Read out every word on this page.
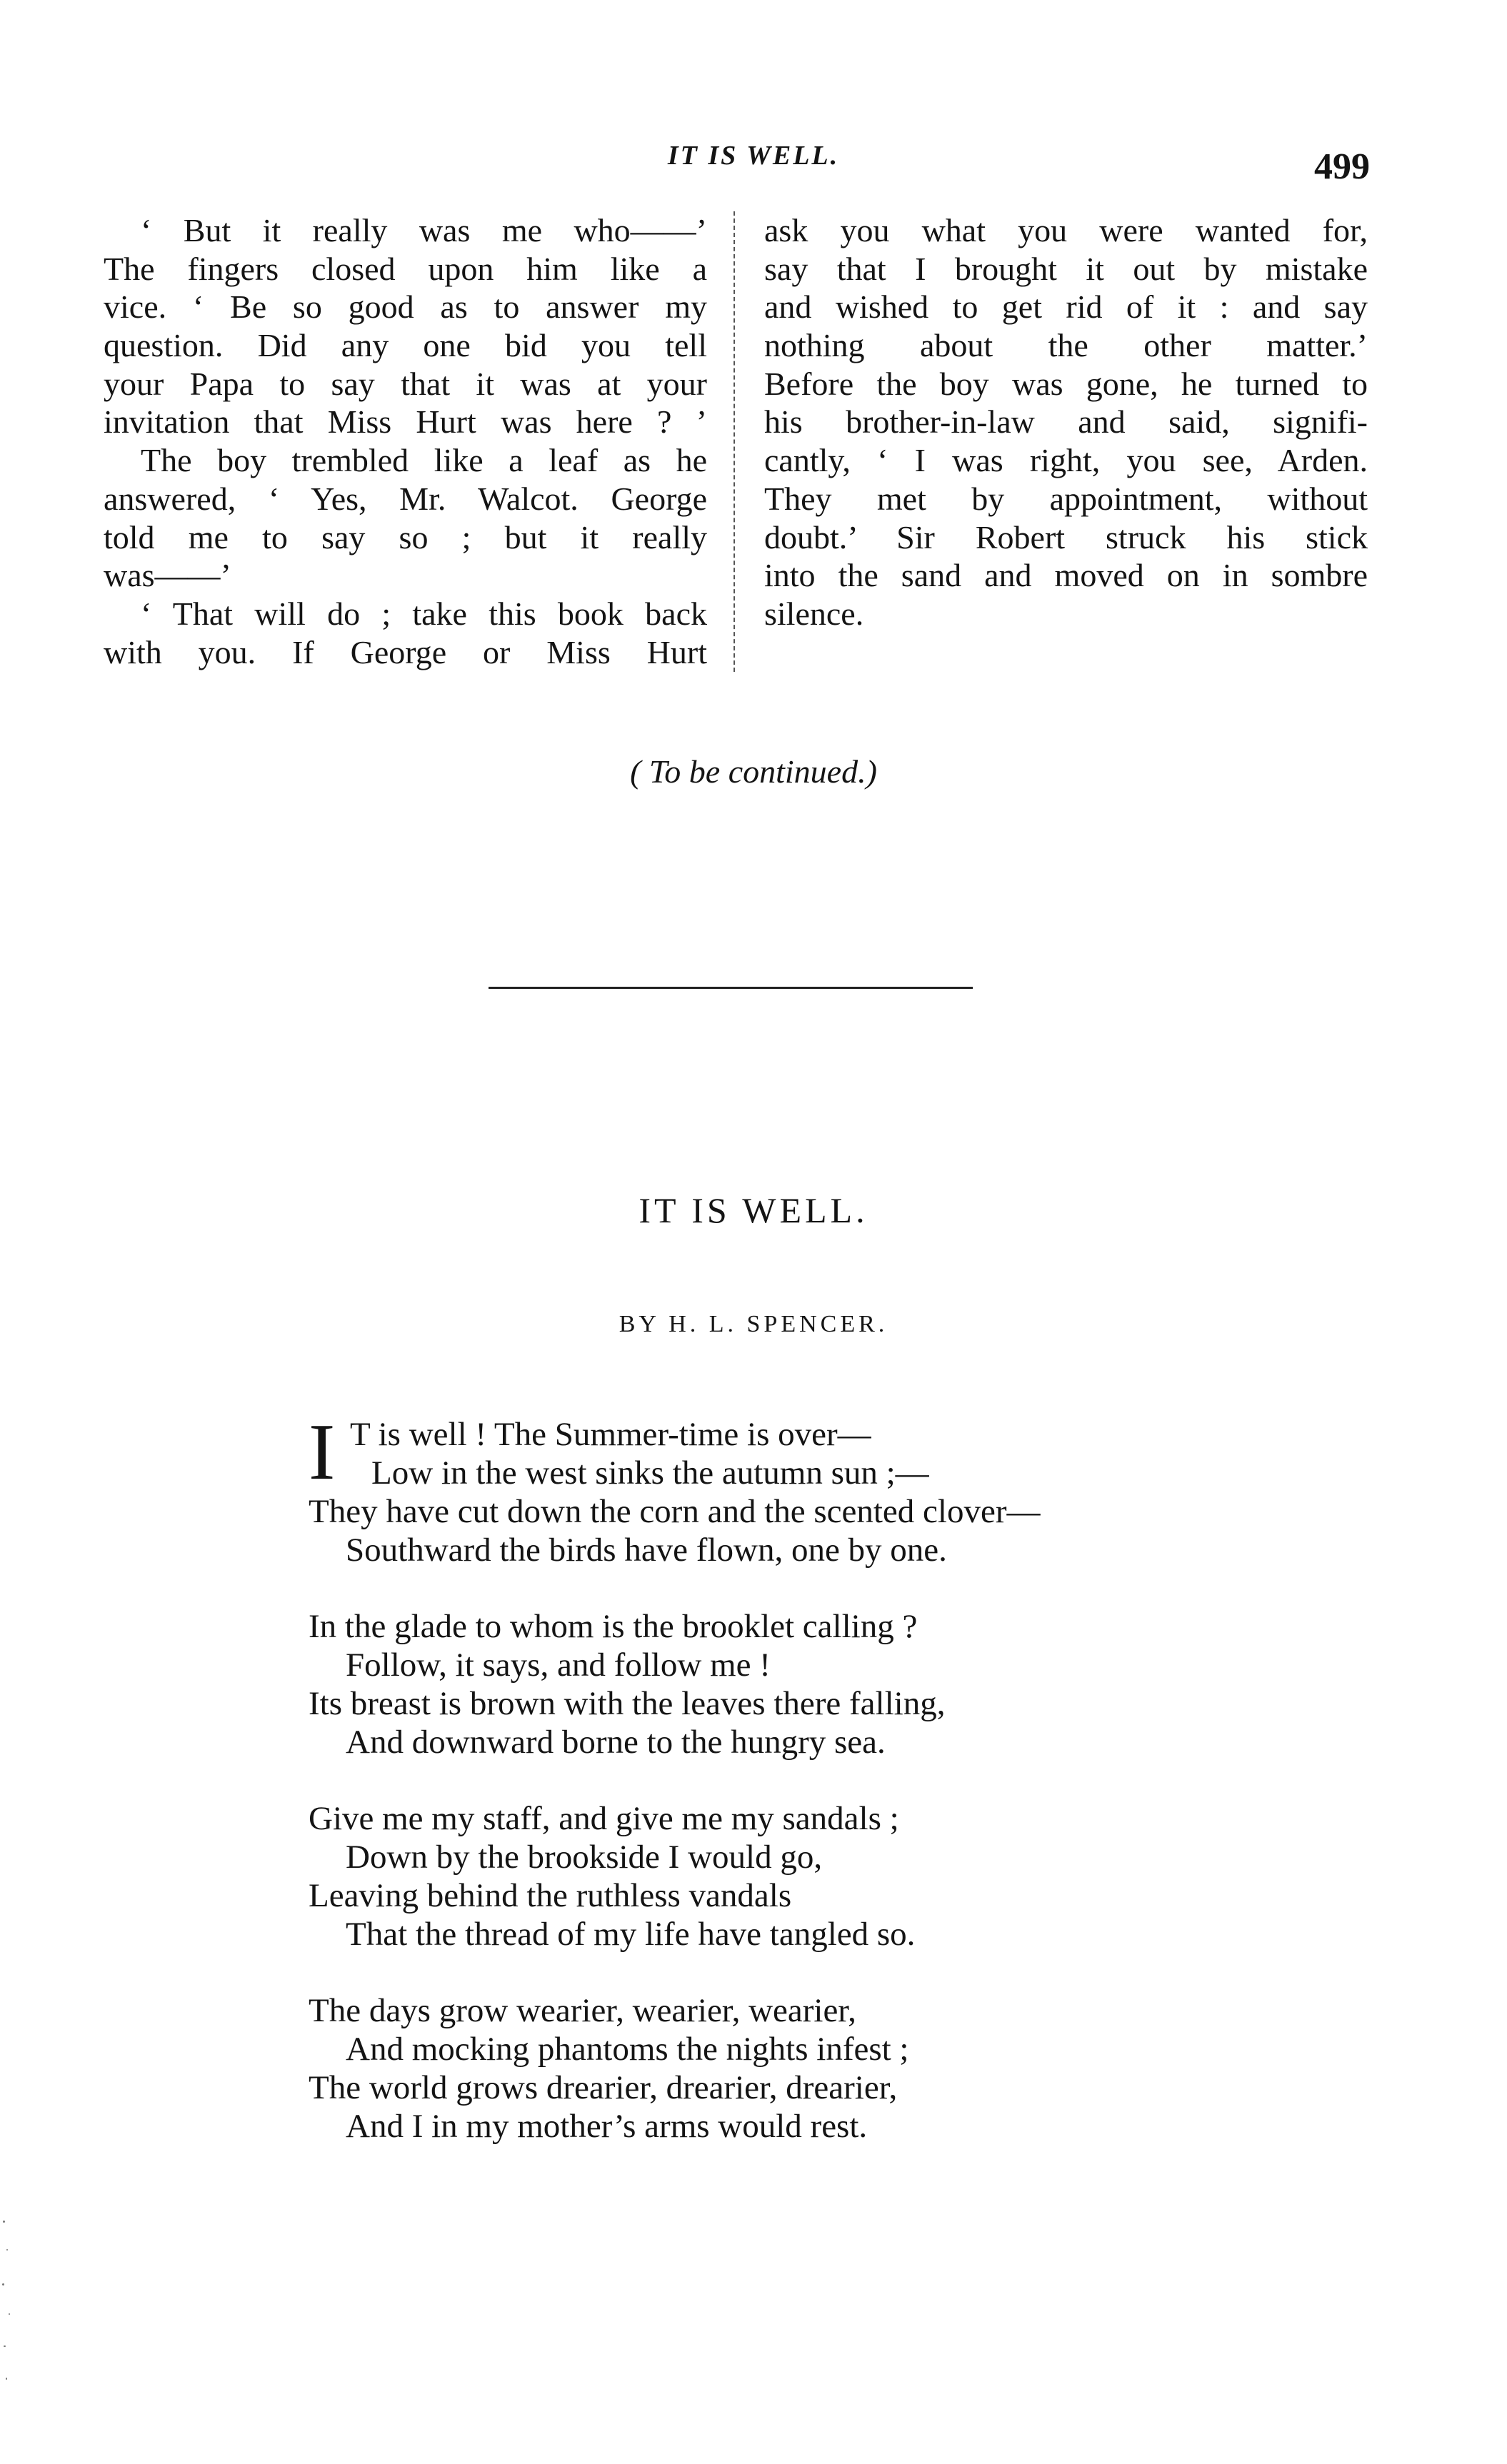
IT IS WELL.	499
‘ But it really was me who——’
The fingers closed upon him like a
vice. ‘ Be so good as to answer my
question. Did any one bid you tell
your Papa to say that it was at your
invitation that Miss Hurt was here ? ’
The boy trembled like a leaf as he
answered, ‘ Yes, Mr. Walcot. George
told me to say so ; but it really
was——’
‘ That will do ; take this book back
with you. If George or Miss Hurt
ask you what you were wanted for,
say that I brought it out by mistake
and wished to get rid of it : and say
nothing about the other matter.’
Before the boy was gone, he turned to
his brother-in-law and said, signifi-
cantly, ‘ I was right, you see, Arden.
They met by appointment, without
doubt.’ Sir Robert struck his stick
into the sand and moved on in sombre
silence.
( To be continued.)
IT IS WELL.
BY H. L. SPENCER.
I T is well ! The Summer-time is over—
Low in the west sinks the autumn sun ;—
They have cut down the corn and the scented clover—
Southward the birds have flown, one by one.
In the glade to whom is the brooklet calling ?
Follow, it says, and follow me !
Its breast is brown with the leaves there falling,
And downward borne to the hungry sea.
Give me my staff, and give me my sandals ;
Down by the brookside I would go,
Leaving behind the ruthless vandals
That the thread of my life have tangled so.
The days grow wearier, wearier, wearier,
And mocking phantoms the nights infest ;
The world grows drearier, drearier, drearier,
And I in my mother’s arms would rest.
